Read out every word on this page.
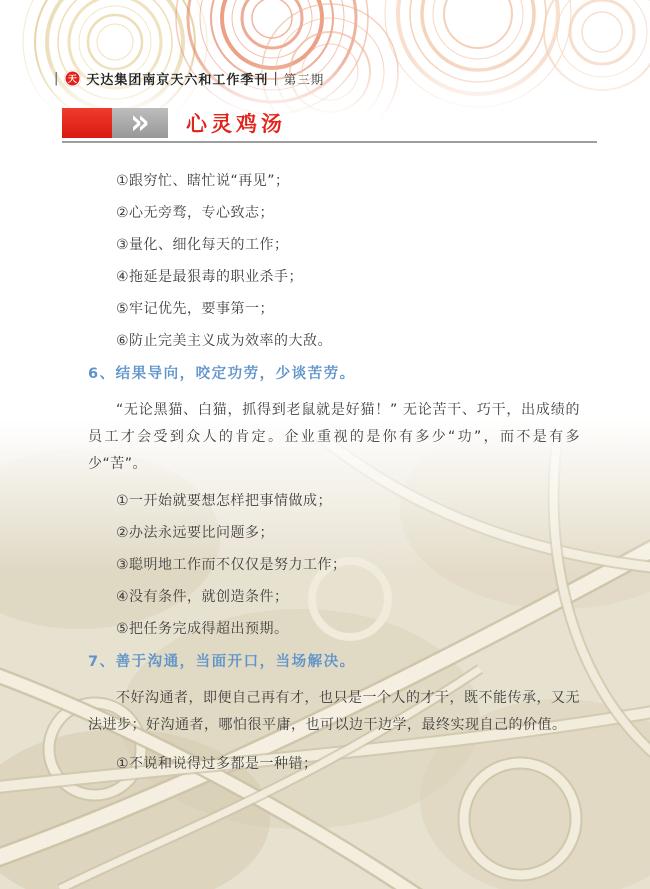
| 天 天达集团南京天六和工作季刊 | 第三期
» 心灵鸡汤
①跟穷忙、瞎忙说“再见”；
②心无旁骛，专心致志；
③量化、细化每天的工作；
④拖延是最狠毒的职业杀手；
⑤牢记优先，要事第一；
⑥防止完美主义成为效率的大敌。
6、结果导向，咬定功劳，少谈苦劳。

“无论黑猫、白猫，抓得到老鼠就是好猫！” 无论苦干、巧干，出成绩的员工才会受到众人的肯定。企业重视的是你有多少“功”，而不是有多少“苦”。

①一开始就要想怎样把事情做成；
②办法永远要比问题多；
③聪明地工作而不仅仅是努力工作；
④没有条件，就创造条件；
⑤把任务完成得超出预期。
7、善于沟通，当面开口，当场解决。

不好沟通者，即便自己再有才，也只是一个人的才干，既不能传承，又无法进步；好沟通者，哪怕很平庸，也可以边干边学，最终实现自己的价值。

①不说和说得过多都是一种错；
